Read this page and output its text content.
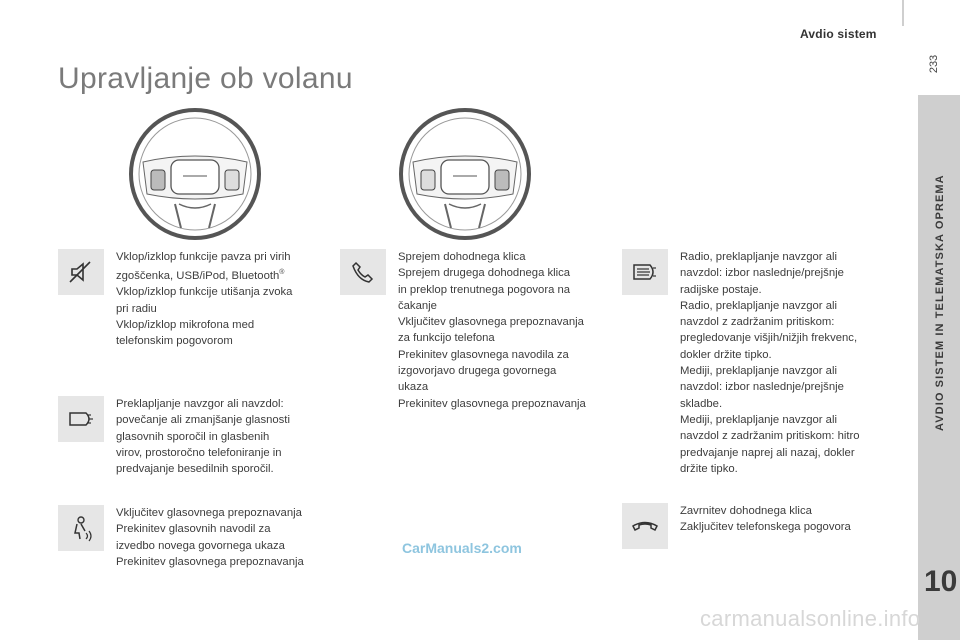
Avdio sistem
233
10
Upravljanje ob volanu

Vklop/izklop funkcije pavza pri virih

zgoščenka, USB/iPod, Bluetooth®

Vklop/izklop funkcije utišanja zvoka

pri radiu

Vklop/izklop mikrofona med

telefonskim pogovorom

Preklapljanje navzgor ali navzdol:

povečanje ali zmanjšanje glasnosti

glasovnih sporočil in glasbenih

virov, prostoročno telefoniranje in

predvajanje besedilnih sporočil.

Vključitev glasovnega prepoznavanja

Prekinitev glasovnih navodil za

izvedbo novega govornega ukaza

Prekinitev glasovnega prepoznavanja

Sprejem dohodnega klica

Sprejem drugega dohodnega klica

in preklop trenutnega pogovora na

čakanje

Vključitev glasovnega prepoznavanja

za funkcijo telefona

Prekinitev glasovnega navodila za

izgovorjavo drugega govornega

ukaza

Prekinitev glasovnega prepoznavanja

Radio, preklapljanje navzgor ali

navzdol: izbor naslednje/prejšnje

radijske postaje.

Radio, preklapljanje navzgor ali

navzdol z zadržanim pritiskom:

pregledovanje višjih/nižjih frekvenc,

dokler držite tipko.

Mediji, preklapljanje navzgor ali

navzdol: izbor naslednje/prejšnje

skladbe.

Mediji, preklapljanje navzgor ali

navzdol z zadržanim pritiskom: hitro

predvajanje naprej ali nazaj, dokler

držite tipko.

Zavrnitev dohodnega klica

Zaključitev telefonskega pogovora

CarManuals2.com
carmanualsonline.info
